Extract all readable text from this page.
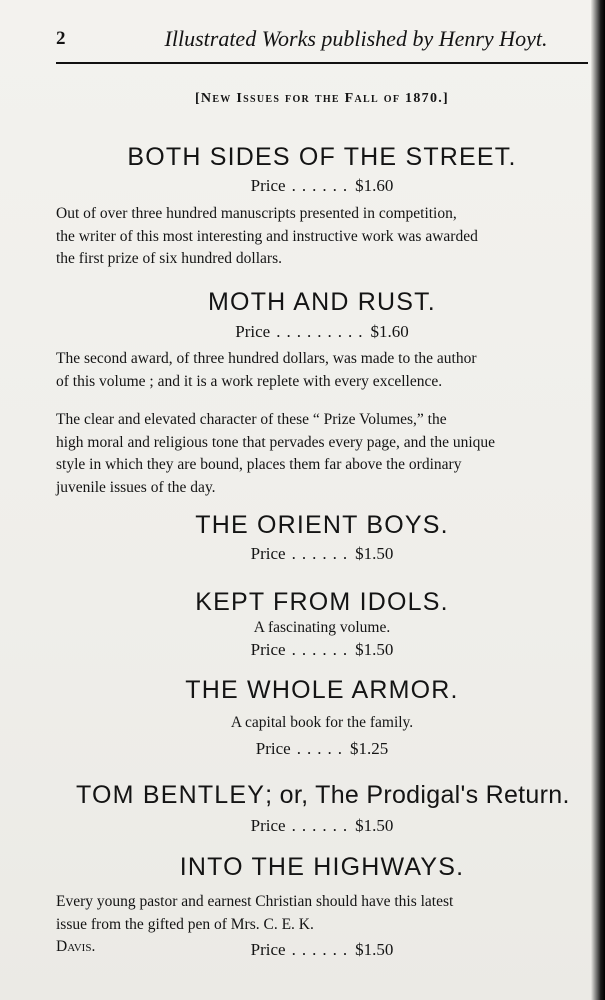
2	Illustrated Works published by Henry Hoyt.
[New Issues for the Fall of 1870.]
BOTH SIDES OF THE STREET.
Price ...... $1.60
Out of over three hundred manuscripts presented in competition,
the writer of this most interesting and instructive work was awarded
the first prize of six hundred dollars.
MOTH AND RUST.
Price ......... $1.60
The second award, of three hundred dollars, was made to the author
of this volume ; and it is a work replete with every excellence.
The clear and elevated character of these “ Prize Volumes,” the
high moral and religious tone that pervades every page, and the unique
style in which they are bound, places them far above the ordinary
juvenile issues of the day.
THE ORIENT BOYS.
Price ...... $1.50
KEPT FROM IDOLS.
A fascinating volume.
Price ...... $1.50
THE WHOLE ARMOR.
A capital book for the family.
Price ..... $1.25
TOM BENTLEY; or, The Prodigal's Return.
Price ...... $1.50
INTO THE HIGHWAYS.
Every young pastor and earnest Christian should have this latest
issue from the gifted pen of Mrs. C. E. K.
Davis.	Price ...... $1.50
